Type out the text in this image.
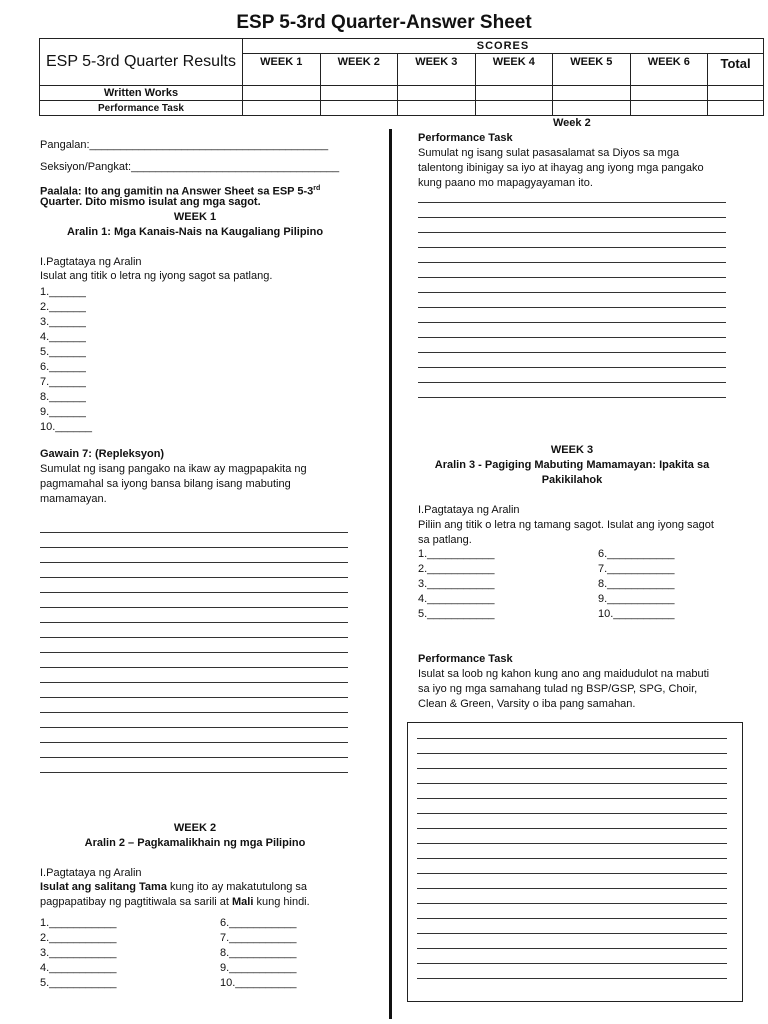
ESP 5-3rd Quarter-Answer Sheet
ESP 5-3rd Quarter Results	SCORES						
	WEEK 1	WEEK 2	WEEK 3	WEEK 4	WEEK 5	WEEK 6	Total
Written Works							
Performance Task							
Pangalan:_______________________________________
Seksiyon/Pangkat:__________________________________
Paalala: Ito ang gamitin na Answer Sheet sa ESP 5-3rd
Quarter. Dito mismo isulat ang mga sagot.
WEEK 1
Aralin 1: Mga Kanais-Nais na Kaugaliang Pilipino
I.Pagtataya ng Aralin
Isulat ang titik o letra ng iyong sagot sa patlang.
1.______
2.______
3.______
4.______
5.______
6.______
7.______
8.______
9.______
10.______
Gawain 7: (Repleksyon)
Sumulat ng isang pangako na ikaw ay magpapakita ng
pagmamahal sa iyong bansa bilang isang mabuting
mamamayan.
WEEK 2
Aralin 2 – Pagkamalikhain ng mga Pilipino
I.Pagtataya ng Aralin
Isulat ang salitang Tama kung ito ay makatutulong sa
pagpapatibay ng pagtitiwala sa sarili at Mali kung hindi.
1.___________
2.___________
3.___________
4.___________
5.___________
6.___________
7.___________
8.___________
9.___________
10.__________
Week 2
Performance Task
Sumulat ng isang sulat pasasalamat sa Diyos sa mga
talentong ibinigay sa iyo at ihayag ang iyong mga pangako
kung paano mo mapagyayaman ito.
WEEK 3
Aralin 3 - Pagiging Mabuting Mamamayan: Ipakita sa
Pakikilahok
I.Pagtataya ng Aralin
Piliin ang titik o letra ng tamang sagot. Isulat ang iyong sagot
sa patlang.
1.___________
2.___________
3.___________
4.___________
5.___________
6.___________
7.___________
8.___________
9.___________
10.__________
Performance Task
Isulat sa loob ng kahon kung ano ang maidudulot na mabuti
sa iyo ng mga samahang tulad ng BSP/GSP, SPG, Choir,
Clean & Green, Varsity o iba pang samahan.
